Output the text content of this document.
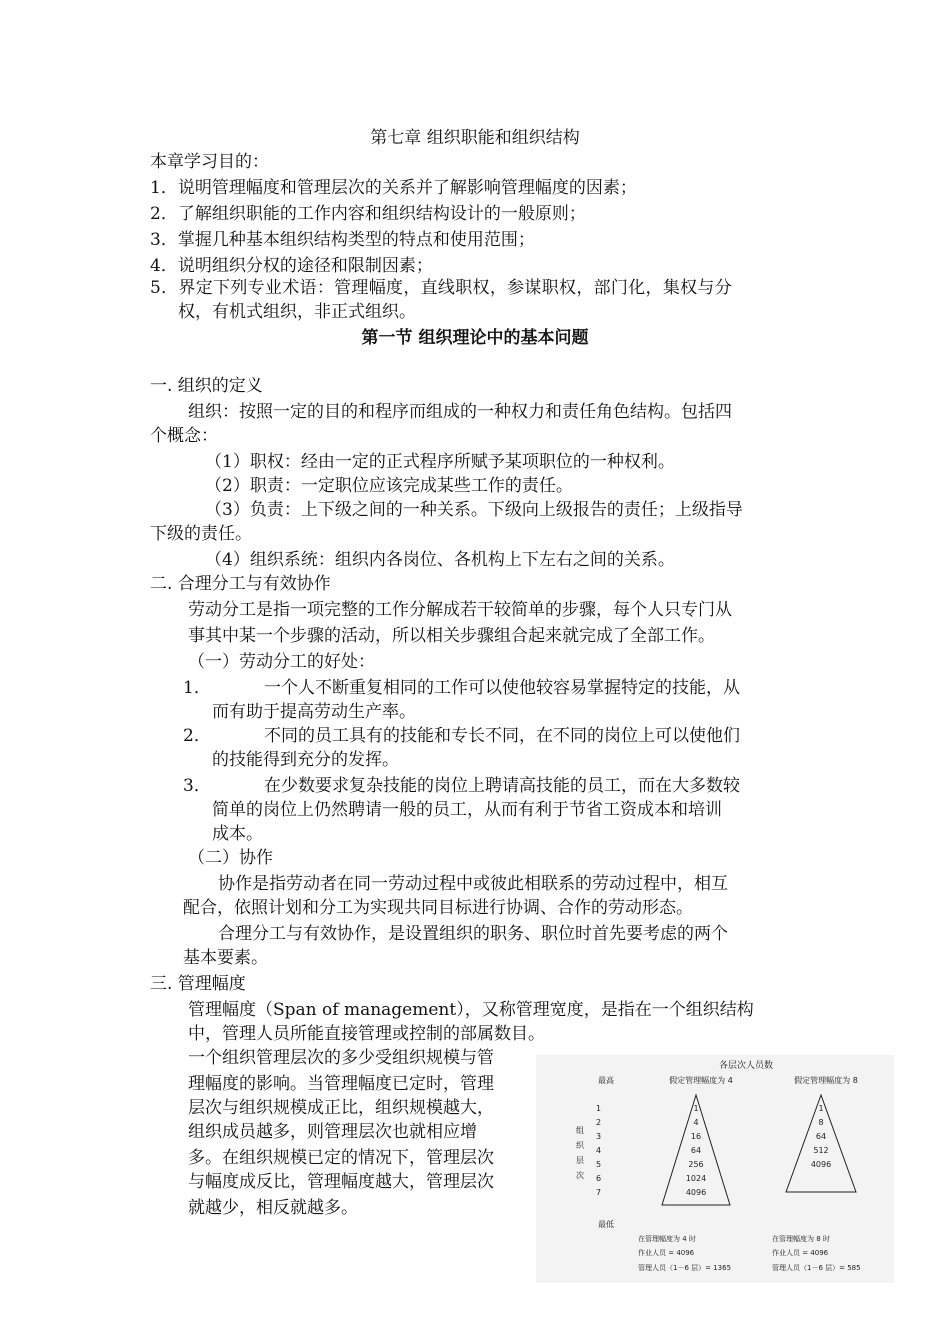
第七章 组织职能和组织结构
本章学习目的：
1．说明管理幅度和管理层次的关系并了解影响管理幅度的因素；
2．了解组织职能的工作内容和组织结构设计的一般原则；
3．掌握几种基本组织结构类型的特点和使用范围；
4．说明组织分权的途径和限制因素；
5．界定下列专业术语：管理幅度，直线职权，参谋职权，部门化，集权与分
权，有机式组织，非正式组织。
第一节 组织理论中的基本问题
一. 组织的定义
组织：按照一定的目的和程序而组成的一种权力和责任角色结构。包括四
个概念：
（1）职权：经由一定的正式程序所赋予某项职位的一种权利。
（2）职责：一定职位应该完成某些工作的责任。
（3）负责：上下级之间的一种关系。下级向上级报告的责任；上级指导
下级的责任。
（4）组织系统：组织内各岗位、各机构上下左右之间的关系。
二. 合理分工与有效协作
劳动分工是指一项完整的工作分解成若干较简单的步骤，每个人只专门从
事其中某一个步骤的活动，所以相关步骤组合起来就完成了全部工作。
（一）劳动分工的好处：
1．	一个人不断重复相同的工作可以使他较容易掌握特定的技能，从
而有助于提高劳动生产率。
2．	不同的员工具有的技能和专长不同，在不同的岗位上可以使他们
的技能得到充分的发挥。
3．	在少数要求复杂技能的岗位上聘请高技能的员工，而在大多数较
简单的岗位上仍然聘请一般的员工，从而有利于节省工资成本和培训
成本。
（二）协作
协作是指劳动者在同一劳动过程中或彼此相联系的劳动过程中，相互
配合，依照计划和分工为实现共同目标进行协调、合作的劳动形态。
合理分工与有效协作，是设置组织的职务、职位时首先要考虑的两个
基本要素。
三. 管理幅度
管理幅度（Span of management），又称管理宽度，是指在一个组织结构
中，管理人员所能直接管理或控制的部属数目。
一个组织管理层次的多少受组织规模与管
理幅度的影响。当管理幅度已定时，管理
层次与组织规模成正比，组织规模越大，
组织成员越多，则管理层次也就相应增
多。在组织规模已定的情况下，管理层次
与幅度成反比，管理幅度越大，管理层次
就越少，相反就越多。
各层次人员数
最高	假定管理幅度为 4	假定管理幅度为 8
组
织
层
次
1
2
3
4
5
6
7
1
4
16
64
256
1024
4096
1
8
64
512
4096
最低
在管理幅度为 4 时
作业人员 = 4096
管理人员（1－6 层）= 1365
在管理幅度为 8 时
作业人员 = 4096
管理人员（1－6 层）= 585
